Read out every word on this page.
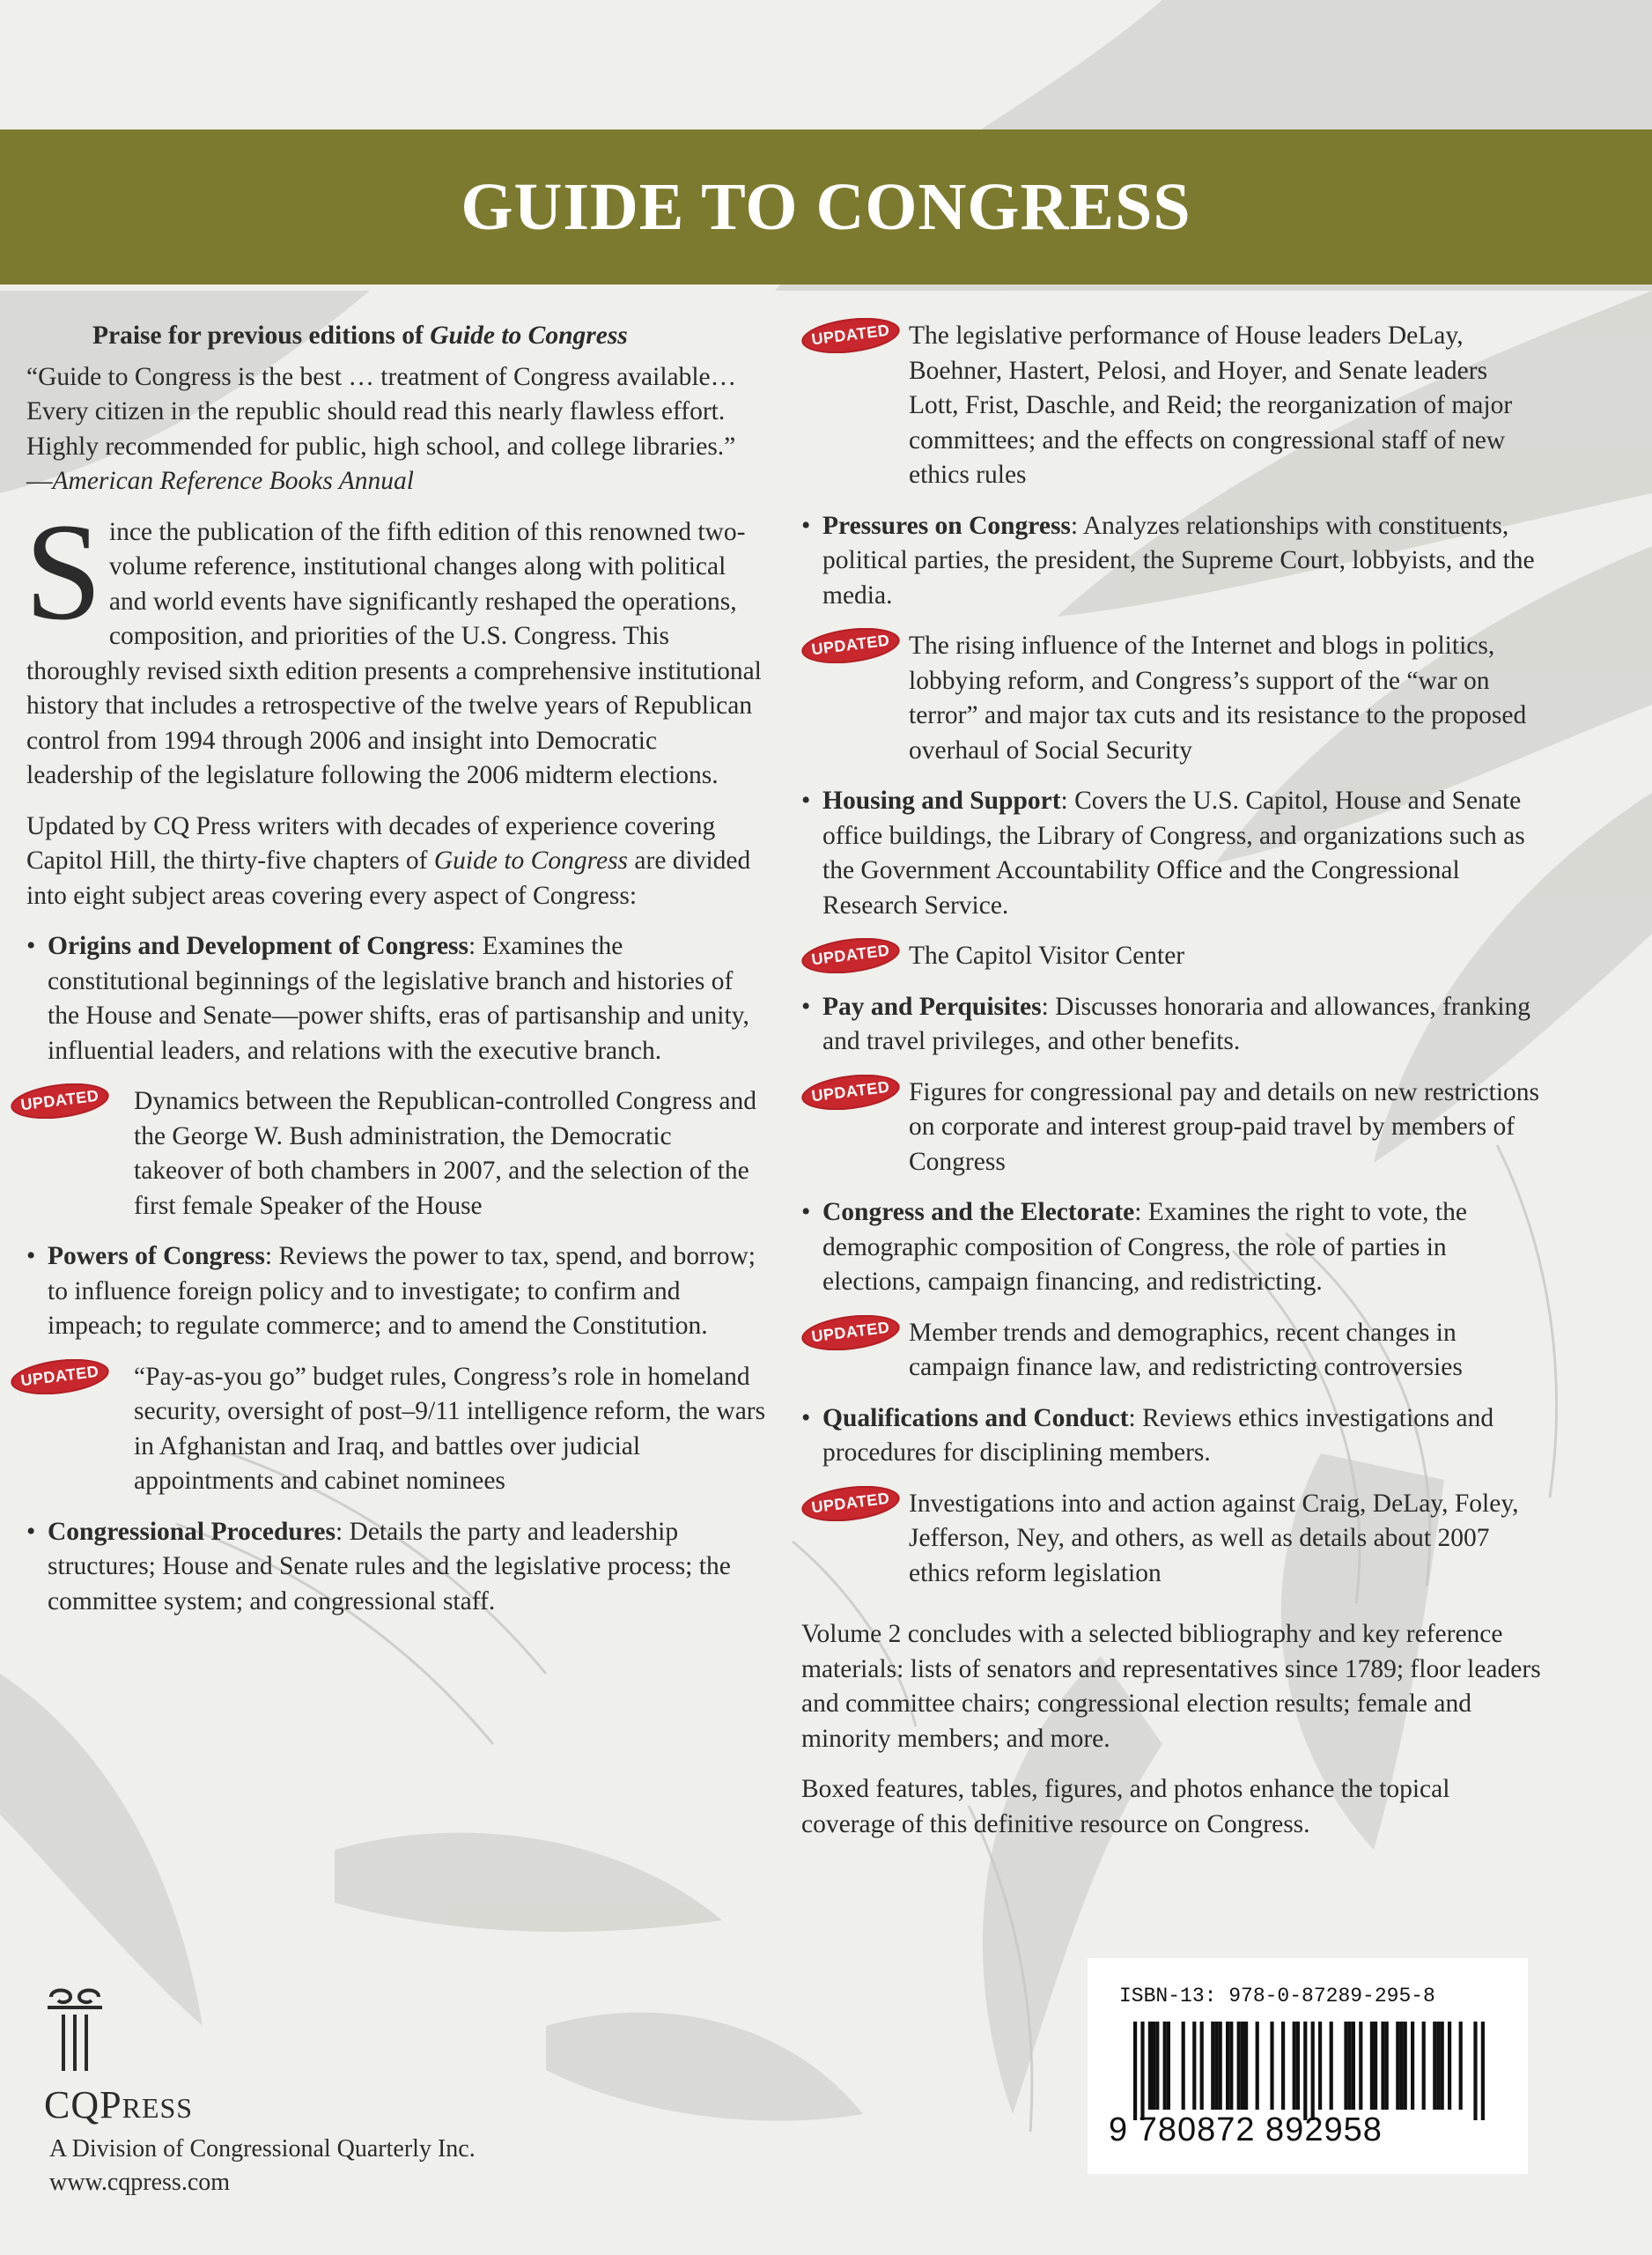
GUIDE TO CONGRESS
Praise for previous editions of Guide to Congress

“Guide to Congress is the best … treatment of Congress available… Every citizen in the republic should read this nearly flawless effort. Highly recommended for public, high school, and college libraries.” —American Reference Books Annual

Since the publication of the fifth edition of this renowned two-volume reference, institutional changes along with political and world events have significantly reshaped the operations, composition, and priorities of the U.S. Congress. This thoroughly revised sixth edition presents a comprehensive institutional history that includes a retrospective of the twelve years of Republican control from 1994 through 2006 and insight into Democratic leadership of the legislature following the 2006 midterm elections.

Updated by CQ Press writers with decades of experience covering Capitol Hill, the thirty-five chapters of Guide to Congress are divided into eight subject areas covering every aspect of Congress:

• Origins and Development of Congress: Examines the constitutional beginnings of the legislative branch and histories of the House and Senate—power shifts, eras of partisanship and unity, influential leaders, and relations with the executive branch.
UPDATED Dynamics between the Republican-controlled Congress and the George W. Bush administration, the Democratic takeover of both chambers in 2007, and the selection of the first female Speaker of the House
• Powers of Congress: Reviews the power to tax, spend, and borrow; to influence foreign policy and to investigate; to confirm and impeach; to regulate commerce; and to amend the Constitution.
UPDATED “Pay-as-you go” budget rules, Congress’s role in homeland security, oversight of post–9/11 intelligence reform, the wars in Afghanistan and Iraq, and battles over judicial appointments and cabinet nominees
• Congressional Procedures: Details the party and leadership structures; House and Senate rules and the legislative process; the committee system; and congressional staff.
UPDATED The legislative performance of House leaders DeLay, Boehner, Hastert, Pelosi, and Hoyer, and Senate leaders Lott, Frist, Daschle, and Reid; the reorganization of major committees; and the effects on congressional staff of new ethics rules
• Pressures on Congress: Analyzes relationships with constituents, political parties, the president, the Supreme Court, lobbyists, and the media.
UPDATED The rising influence of the Internet and blogs in politics, lobbying reform, and Congress’s support of the “war on terror” and major tax cuts and its resistance to the proposed overhaul of Social Security
• Housing and Support: Covers the U.S. Capitol, House and Senate office buildings, the Library of Congress, and organizations such as the Government Accountability Office and the Congressional Research Service.
UPDATED The Capitol Visitor Center
• Pay and Perquisites: Discusses honoraria and allowances, franking and travel privileges, and other benefits.
UPDATED Figures for congressional pay and details on new restrictions on corporate and interest group-paid travel by members of Congress
• Congress and the Electorate: Examines the right to vote, the demographic composition of Congress, the role of parties in elections, campaign financing, and redistricting.
UPDATED Member trends and demographics, recent changes in campaign finance law, and redistricting controversies
• Qualifications and Conduct: Reviews ethics investigations and procedures for disciplining members.
UPDATED Investigations into and action against Craig, DeLay, Foley, Jefferson, Ney, and others, as well as details about 2007 ethics reform legislation

Volume 2 concludes with a selected bibliography and key reference materials: lists of senators and representatives since 1789; floor leaders and committee chairs; congressional election results; female and minority members; and more.

Boxed features, tables, figures, and photos enhance the topical coverage of this definitive resource on Congress.

CQPRESS
A Division of Congressional Quarterly Inc.
www.cqpress.com
ISBN-13: 978-0-87289-295-8
9 780872 892958
